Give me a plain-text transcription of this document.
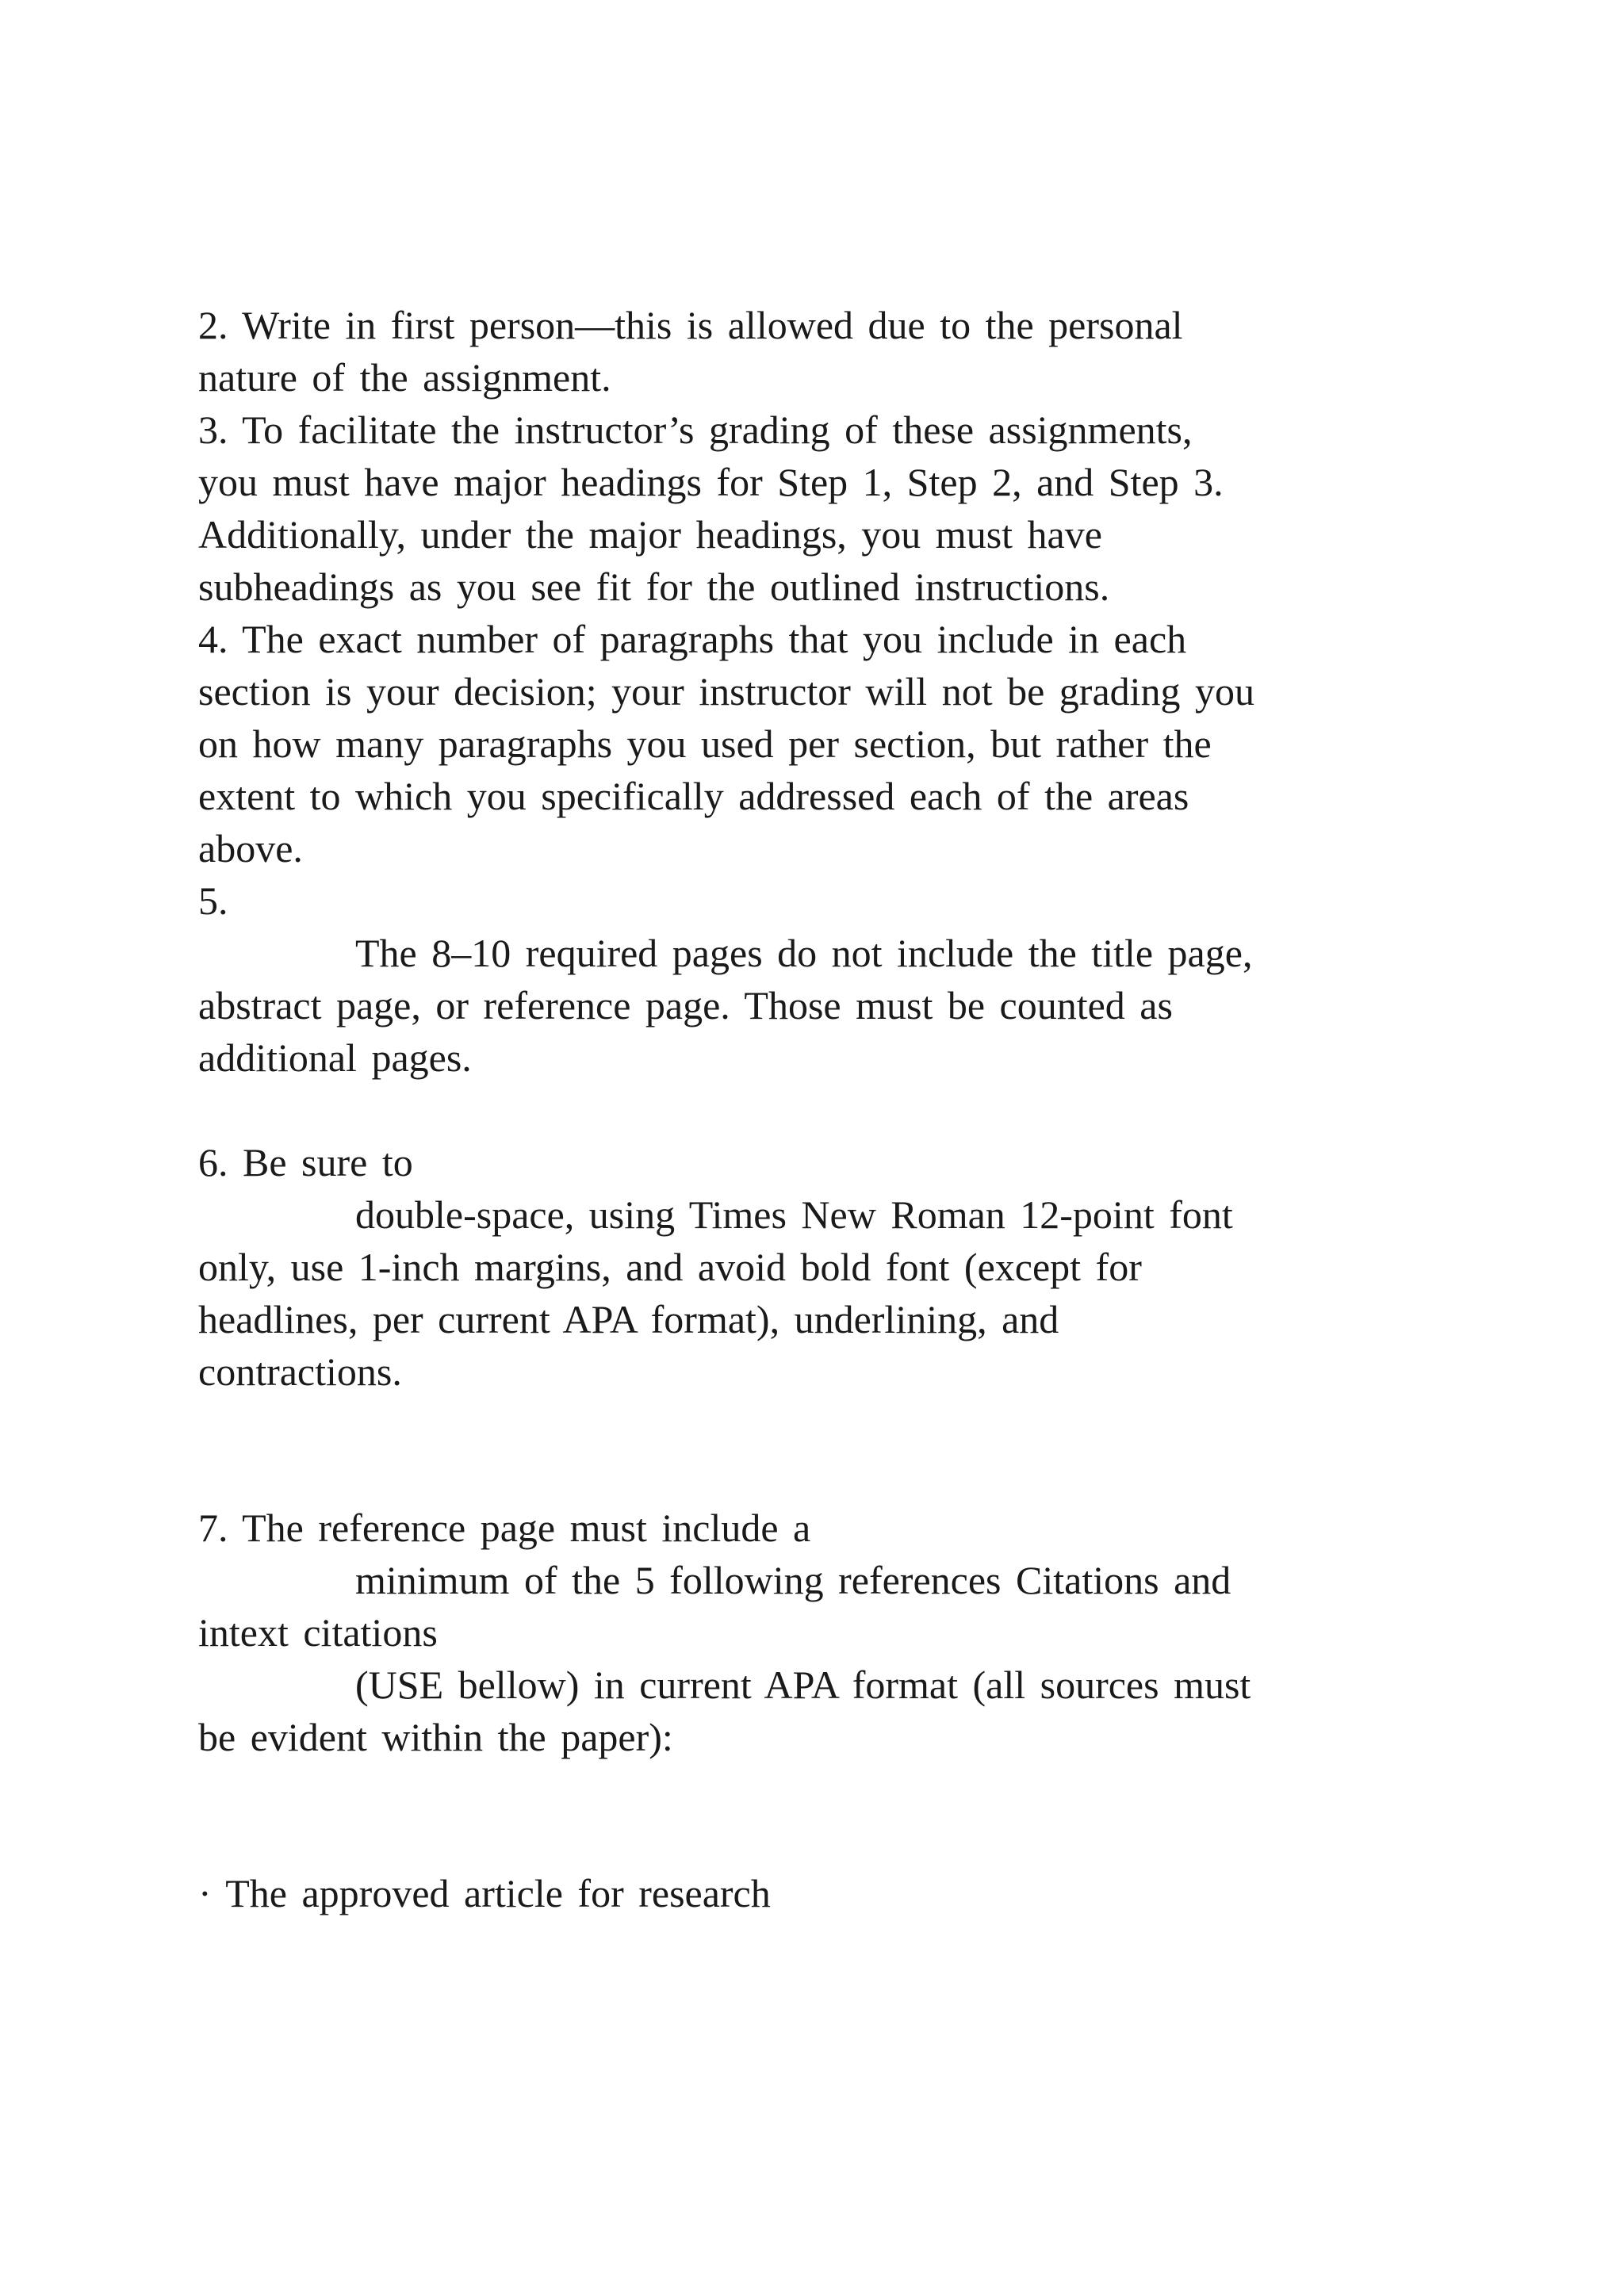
2. Write in first person—this is allowed due to the personal
nature of the assignment.
3. To facilitate the instructor’s grading of these assignments,
you must have major headings for Step 1, Step 2, and Step 3.
Additionally, under the major headings, you must have
subheadings as you see fit for the outlined instructions.
4. The exact number of paragraphs that you include in each
section is your decision; your instructor will not be grading you
on how many paragraphs you used per section, but rather the
extent to which you specifically addressed each of the areas
above.
5.
The 8–10 required pages do not include the title page,
abstract page, or reference page. Those must be counted as
additional pages.
6. Be sure to
double-space, using Times New Roman 12-point font
only, use 1-inch margins, and avoid bold font (except for
headlines, per current APA format), underlining, and
contractions.
7. The reference page must include a
minimum of the 5 following references Citations and
intext citations
(USE bellow) in current APA format (all sources must
be evident within the paper):
· The approved article for research
